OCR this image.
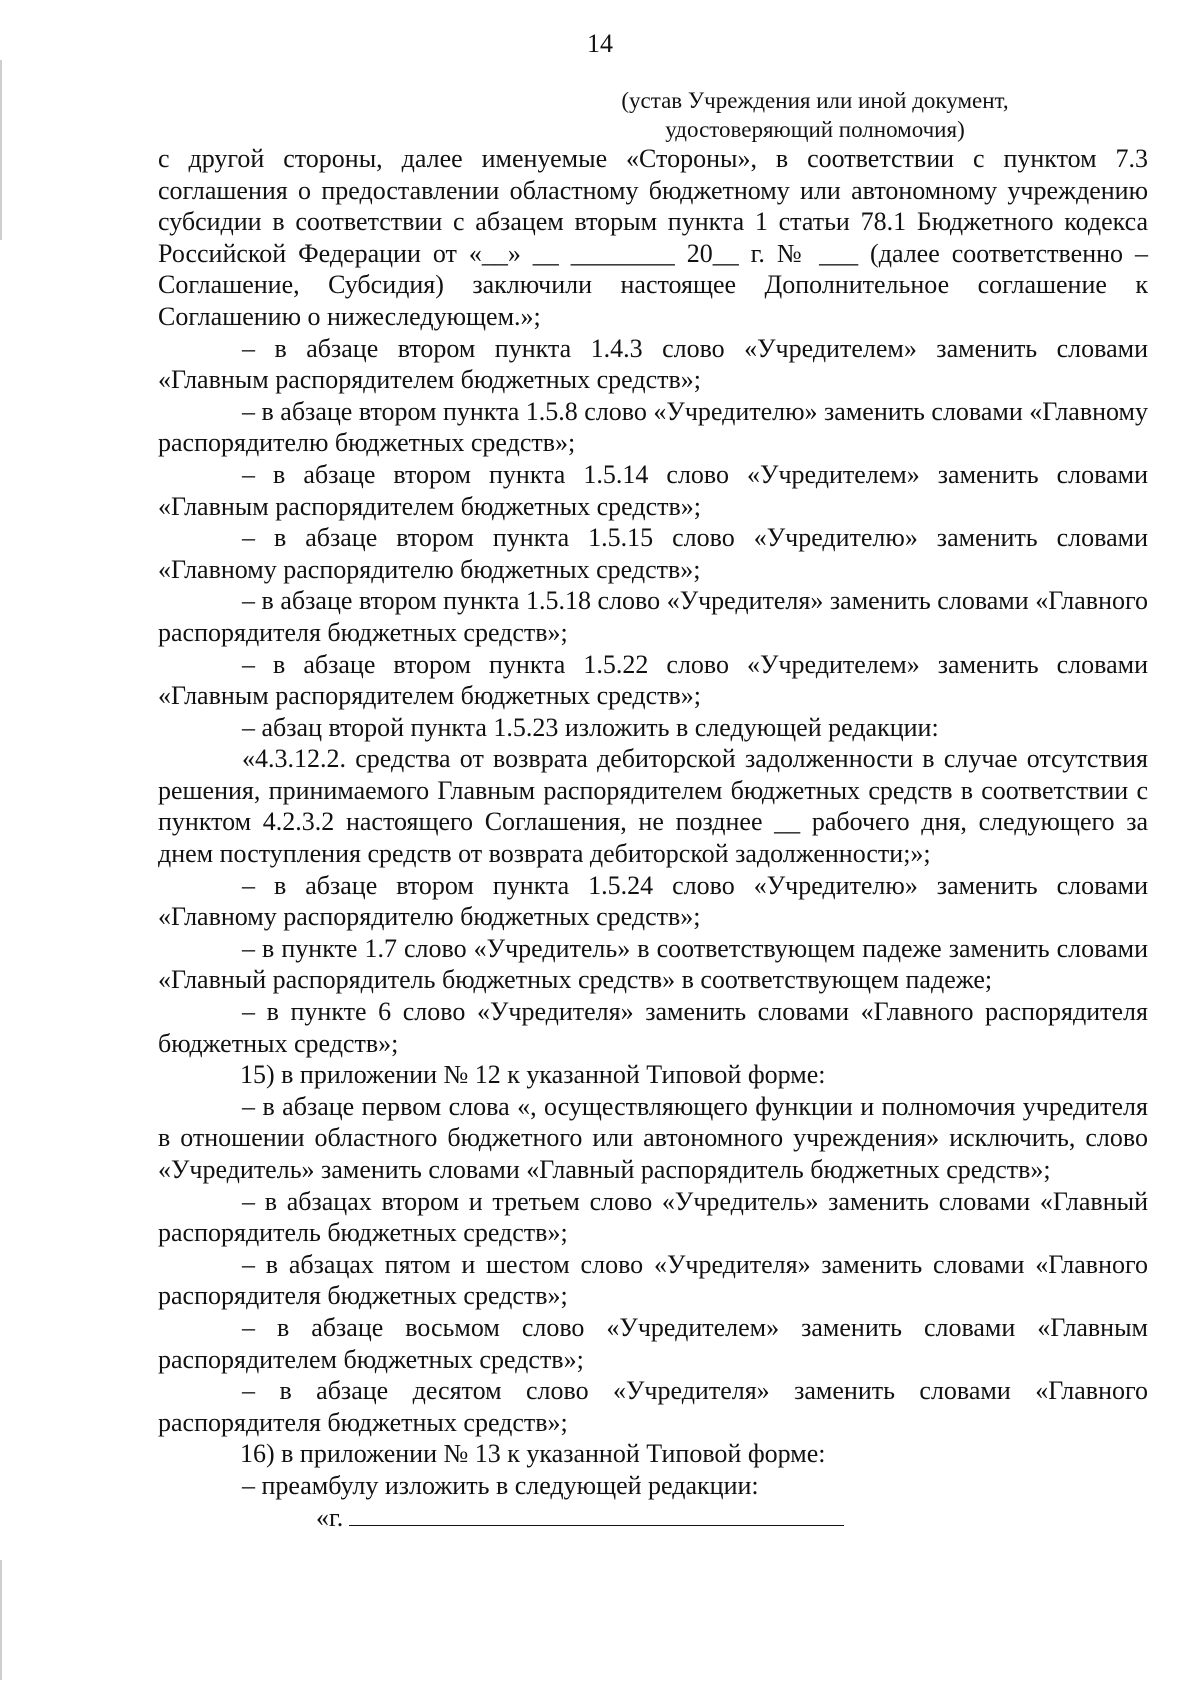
14
(устав Учреждения или иной документ,
удостоверяющий полномочия)

с другой стороны, далее именуемые «Стороны», в соответствии с пунктом 7.3 соглашения о предоставлении областному бюджетному или автономному учреждению субсидии в соответствии с абзацем вторым пункта 1 статьи 78.1 Бюджетного кодекса Российской Федерации от «__» __ ________ 20__ г. № ___ (далее соответственно – Соглашение, Субсидия) заключили настоящее Дополнительное соглашение к Соглашению о нижеследующем.»;

– в абзаце втором пункта 1.4.3 слово «Учредителем» заменить словами «Главным распорядителем бюджетных средств»;

– в абзаце втором пункта 1.5.8 слово «Учредителю» заменить словами «Главному распорядителю бюджетных средств»;

– в абзаце втором пункта 1.5.14 слово «Учредителем» заменить словами «Главным распорядителем бюджетных средств»;

– в абзаце втором пункта 1.5.15 слово «Учредителю» заменить словами «Главному распорядителю бюджетных средств»;

– в абзаце втором пункта 1.5.18 слово «Учредителя» заменить словами «Главного распорядителя бюджетных средств»;

– в абзаце втором пункта 1.5.22 слово «Учредителем» заменить словами «Главным распорядителем бюджетных средств»;

– абзац второй пункта 1.5.23 изложить в следующей редакции:

«4.3.12.2. средства от возврата дебиторской задолженности в случае отсутствия решения, принимаемого Главным распорядителем бюджетных средств в соответствии с пунктом 4.2.3.2 настоящего Соглашения, не позднее __ рабочего дня, следующего за днем поступления средств от возврата дебиторской задолженности;»;

– в абзаце втором пункта 1.5.24 слово «Учредителю» заменить словами «Главному распорядителю бюджетных средств»;

– в пункте 1.7 слово «Учредитель» в соответствующем падеже заменить словами «Главный распорядитель бюджетных средств» в соответствующем падеже;

– в пункте 6 слово «Учредителя» заменить словами «Главного распорядителя бюджетных средств»;

15) в приложении № 12 к указанной Типовой форме:

– в абзаце первом слова «, осуществляющего функции и полномочия учредителя в отношении областного бюджетного или автономного учреждения» исключить, слово «Учредитель» заменить словами «Главный распорядитель бюджетных средств»;

– в абзацах втором и третьем слово «Учредитель» заменить словами «Главный распорядитель бюджетных средств»;

– в абзацах пятом и шестом слово «Учредителя» заменить словами «Главного распорядителя бюджетных средств»;

– в абзаце восьмом слово «Учредителем» заменить словами «Главным распорядителем бюджетных средств»;

– в абзаце десятом слово «Учредителя» заменить словами «Главного распорядителя бюджетных средств»;

16) в приложении № 13 к указанной Типовой форме:

– преамбулу изложить в следующей редакции:

«г.
